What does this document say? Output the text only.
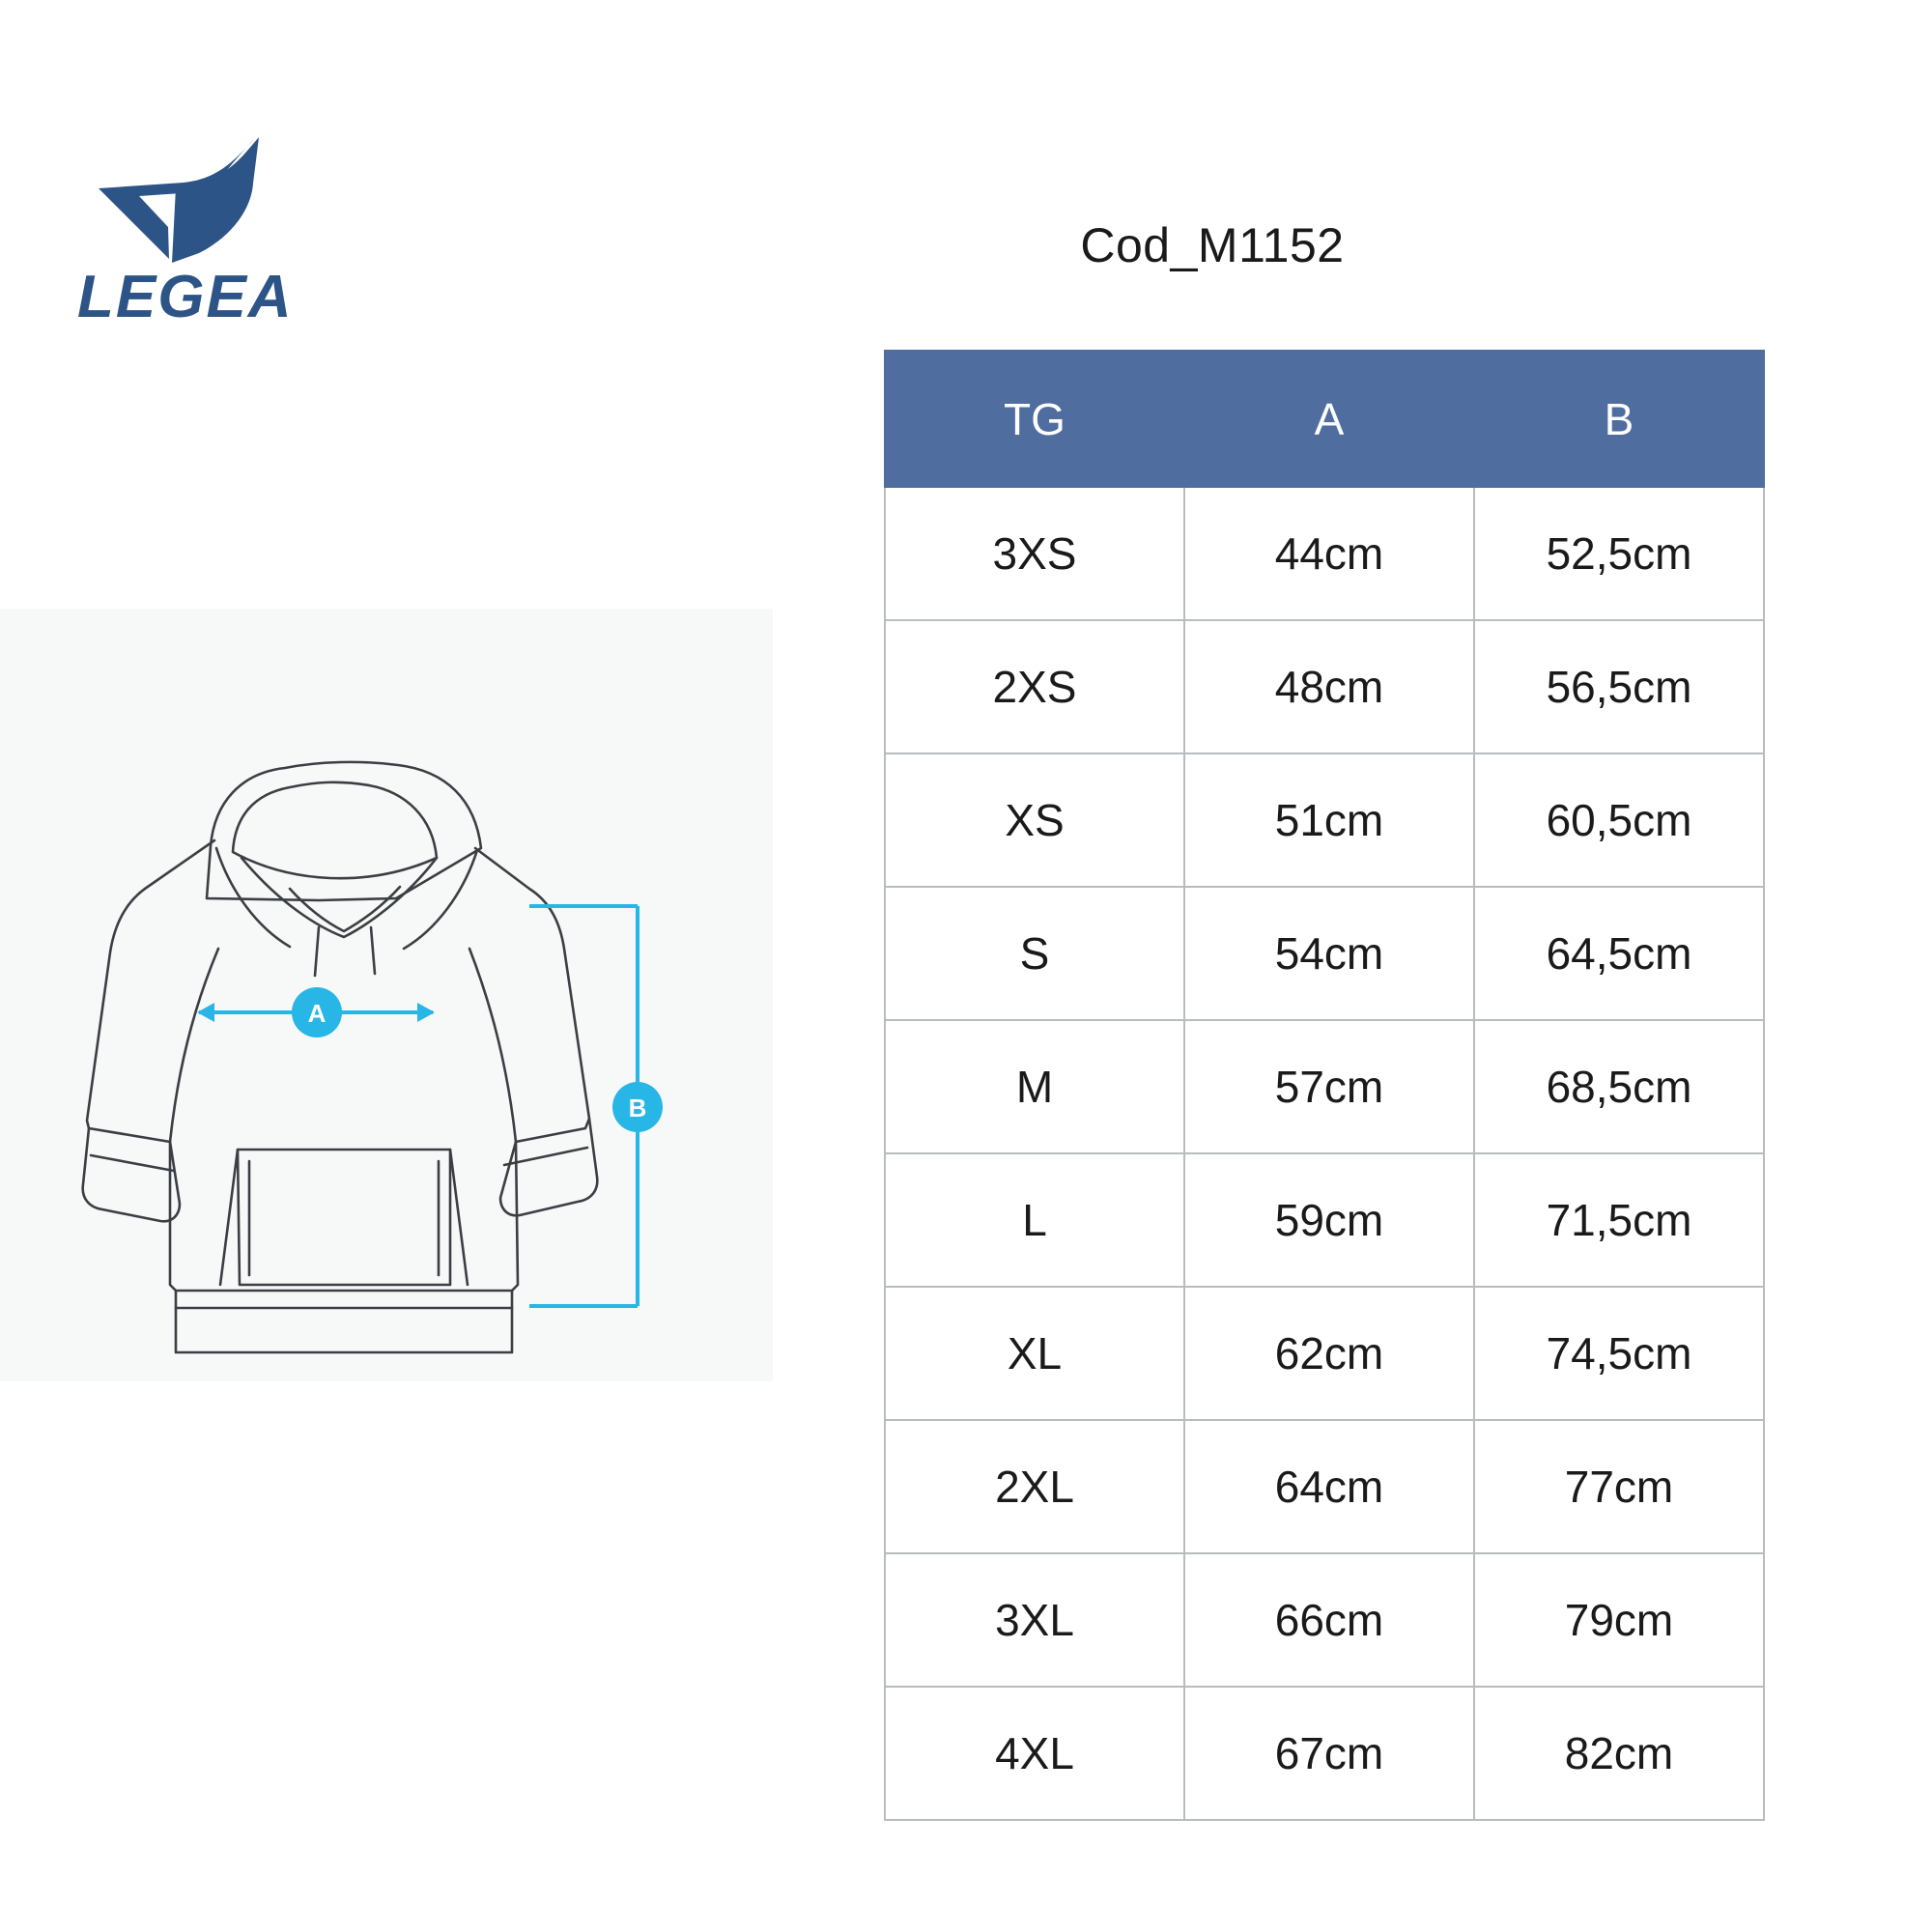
LEGEA
Cod_M1152
A
B
TG	A	B
3XS	44cm	52,5cm
2XS	48cm	56,5cm
XS	51cm	60,5cm
S	54cm	64,5cm
M	57cm	68,5cm
L	59cm	71,5cm
XL	62cm	74,5cm
2XL	64cm	77cm
3XL	66cm	79cm
4XL	67cm	82cm
